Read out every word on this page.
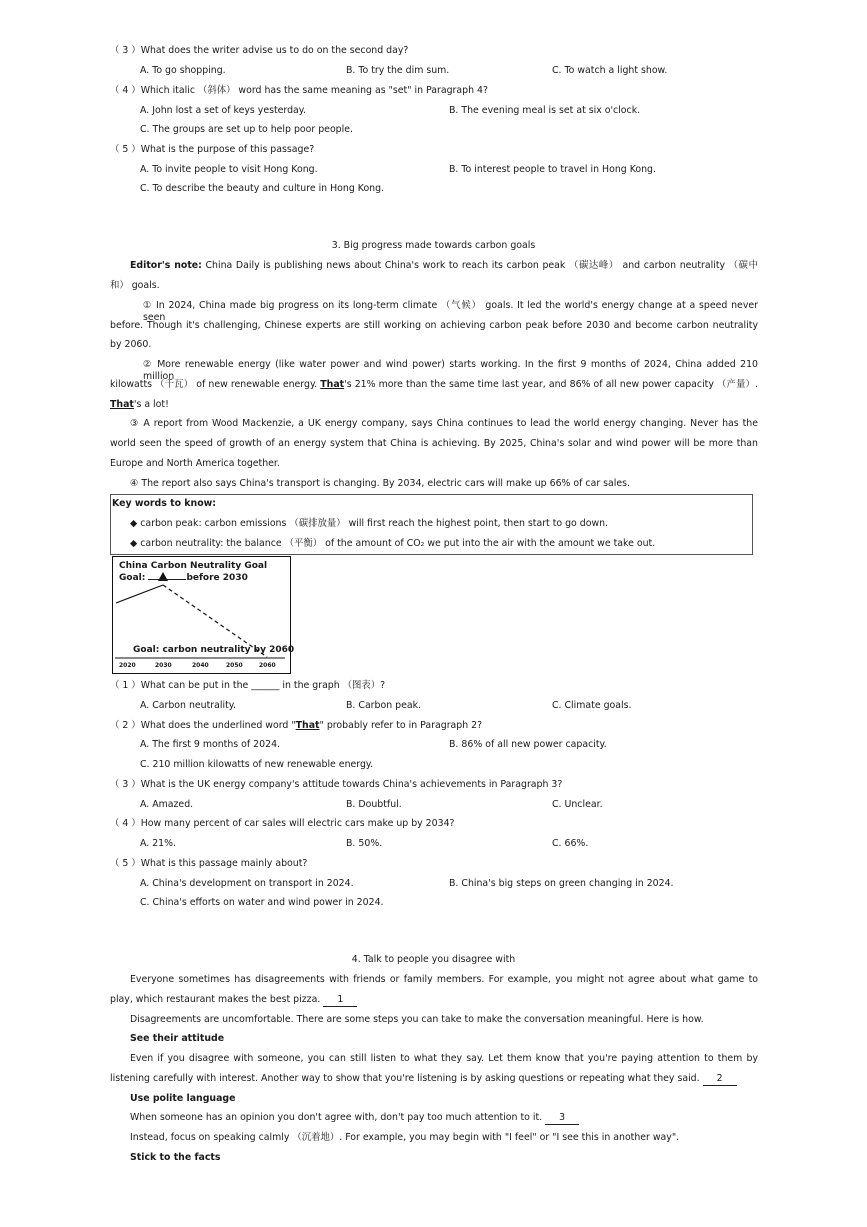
（ 3 ）What does the writer advise us to do on the second day?
A. To go shopping.	B. To try the dim sum.	C. To watch a light show.
（ 4 ）Which italic （斜体） word has the same meaning as "set" in Paragraph 4?
A. John lost a set of keys yesterday.	B. The evening meal is set at six o'clock.
C. The groups are set up to help poor people.
（ 5 ）What is the purpose of this passage?
A. To invite people to visit Hong Kong.	B. To interest people to travel in Hong Kong.
C. To describe the beauty and culture in Hong Kong.
3. Big progress made towards carbon goals
Editor's note: China Daily is publishing news about China's work to reach its carbon peak （碳达峰） and carbon neutrality （碳中
和） goals.
① In 2024, China made big progress on its long-term climate （气候） goals. It led the world's energy change at a speed never seen
before. Though it's challenging, Chinese experts are still working on achieving carbon peak before 2030 and become carbon neutrality
by 2060.
② More renewable energy (like water power and wind power) starts working. In the first 9 months of 2024, China added 210 million
kilowatts （千瓦） of new renewable energy. That's 21% more than the same time last year, and 86% of all new power capacity （产量）.
That's a lot!
③ A report from Wood Mackenzie, a UK energy company, says China continues to lead the world energy changing. Never has the
world seen the speed of growth of an energy system that China is achieving. By 2025, China's solar and wind power will be more than
Europe and North America together.
④ The report also says China's transport is changing. By 2034, electric cars will make up 66% of car sales.
Key words to know:
◆ carbon peak: carbon emissions （碳排放量） will first reach the highest point, then start to go down.
◆ carbon neutrality: the balance （平衡） of the amount of CO₂ we put into the air with the amount we take out.
China Carbon Neutrality Goal
Goal:	before 2030
Goal: carbon neutrality by 2060
2020	2030	2040	2050	2060
（ 1 ）What can be put in the ______ in the graph （图表）?
A. Carbon neutrality.	B. Carbon peak.	C. Climate goals.
（ 2 ）What does the underlined word "That" probably refer to in Paragraph 2?
A. The first 9 months of 2024.	B. 86% of all new power capacity.
C. 210 million kilowatts of new renewable energy.
（ 3 ）What is the UK energy company's attitude towards China's achievements in Paragraph 3?
A. Amazed.	B. Doubtful.	C. Unclear.
（ 4 ）How many percent of car sales will electric cars make up by 2034?
A. 21%.	B. 50%.	C. 66%.
（ 5 ）What is this passage mainly about?
A. China's development on transport in 2024.	B. China's big steps on green changing in 2024.
C. China's efforts on water and wind power in 2024.
4. Talk to people you disagree with
Everyone sometimes has disagreements with friends or family members. For example, you might not agree about what game to
play, which restaurant makes the best pizza. 1
Disagreements are uncomfortable. There are some steps you can take to make the conversation meaningful. Here is how.
See their attitude
Even if you disagree with someone, you can still listen to what they say. Let them know that you're paying attention to them by
listening carefully with interest. Another way to show that you're listening is by asking questions or repeating what they said. 2
Use polite language
When someone has an opinion you don't agree with, don't pay too much attention to it. 3
Instead, focus on speaking calmly （沉着地）. For example, you may begin with "I feel" or "I see this in another way".
Stick to the facts
